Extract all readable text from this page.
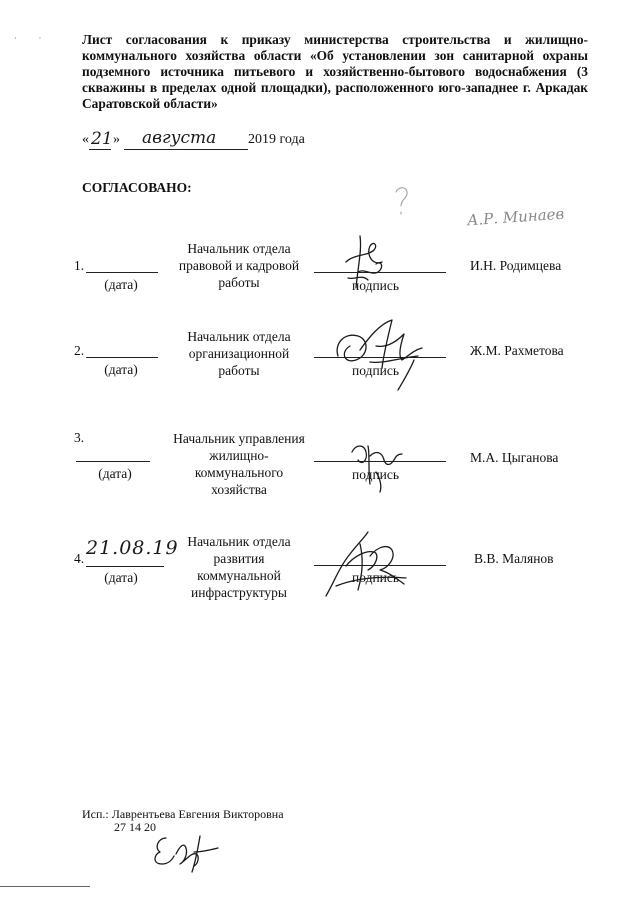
· · Лист согласования к приказу министерства строительства и жилищно-коммунального хозяйства области «Об установлении зон санитарной охраны подземного источника питьевого и хозяйственно-бытового водоснабжения (3 скважины в пределах одной площадки), расположенного юго-западнее г. Аркадак Саратовской области»
« 21 » августа 2019 года
СОГЛАСОВАНО:
А.Р. Минаев
1.
(дата)
Начальник отдела правовой и кадровой работы	подпись
И.Н. Родимцева
2.
(дата)
Начальник отдела организационной работы	подпись
Ж.М. Рахметова
3.
(дата)
Начальник управления жилищно-коммунального хозяйства
подпись
М.А. Цыганова
4. 21.08.19
(дата)
Начальник отдела развития коммунальной инфраструктуры
подпись
В.В. Малянов
Исп.: Лаврентьева Евгения Викторовна
27 14 20
